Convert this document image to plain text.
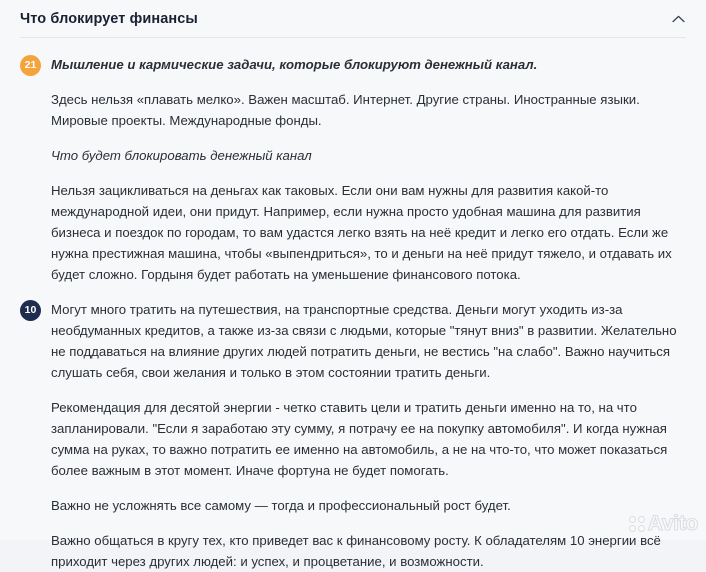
Что блокирует финансы
21	Мышление и кармические задачи, которые блокируют денежный канал.

Здесь нельзя «плавать мелко». Важен масштаб. Интернет. Другие страны. Иностранные языки. Мировые проекты. Международные фонды.

Что будет блокировать денежный канал

Нельзя зацикливаться на деньгах как таковых. Если они вам нужны для развития какой-то международной идеи, они придут. Например, если нужна просто удобная машина для развития бизнеса и поездок по городам, то вам удастся легко взять на неё кредит и легко его отдать. Если же нужна престижная машина, чтобы «выпендриться», то и деньги на неё придут тяжело, и отдавать их будет сложно. Гордыня будет работать на уменьшение финансового потока.

10	Могут много тратить на путешествия, на транспортные средства. Деньги могут уходить из-за необдуманных кредитов, а также из-за связи с людьми, которые "тянут вниз" в развитии. Желательно не поддаваться на влияние других людей потратить деньги, не вестись "на слабо". Важно научиться слушать себя, свои желания и только в этом состоянии тратить деньги.

Рекомендация для десятой энергии - четко ставить цели и тратить деньги именно на то, на что запланировали. "Если я заработаю эту сумму, я потрачу ее на покупку автомобиля". И когда нужная сумма на руках, то важно потратить ее именно на автомобиль, а не на что-то, что может показаться более важным в этот момент. Иначе фортуна не будет помогать.

Важно не усложнять все самому — тогда и профессиональный рост будет.

Важно общаться в кругу тех, кто приведет вас к финансовому росту. К обладателям 10 энергии всё приходит через других людей: и успех, и процветание, и возможности.

Avito
